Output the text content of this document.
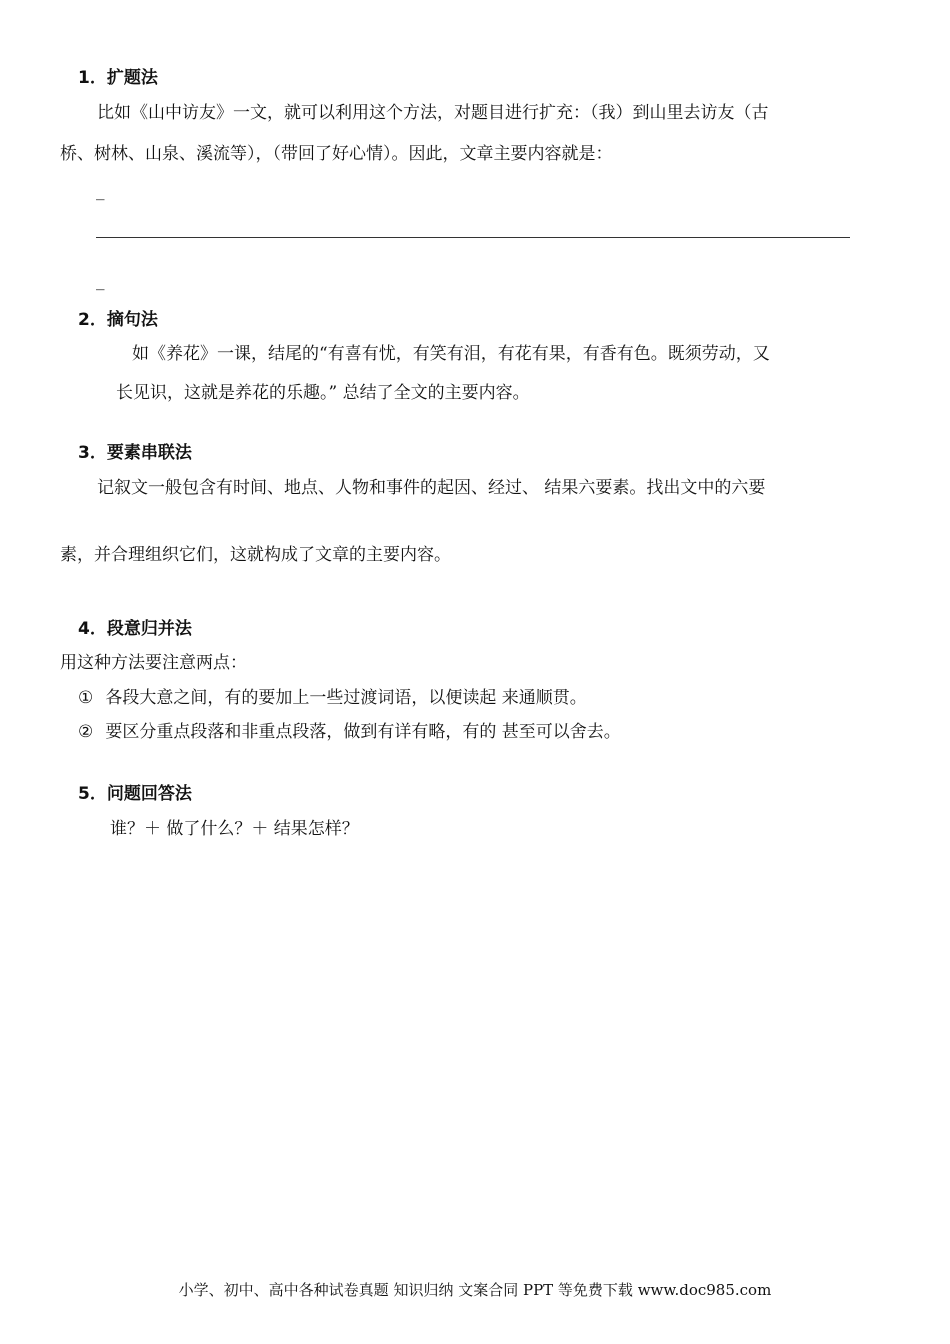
1．扩题法
比如《山中访友》一文，就可以利用这个方法，对题目进行扩充：（我）到山里去访友（古
桥、树林、山泉、溪流等），（带回了好心情）。因此，文章主要内容就是：
_
_
2．摘句法
如《养花》一课，结尾的“有喜有忧，有笑有泪，有花有果，有香有色。既须劳动，又
长见识，这就是养花的乐趣。” 总结了全文的主要内容。
3．要素串联法
记叙文一般包含有时间、地点、人物和事件的起因、经过、 结果六要素。找出文中的六要
素，并合理组织它们，这就构成了文章的主要内容。
4．段意归并法
用这种方法要注意两点：
① 各段大意之间，有的要加上一些过渡词语，以便读起 来通顺贯。
② 要区分重点段落和非重点段落，做到有详有略，有的 甚至可以舍去。
5．问题回答法
谁？＋ 做了什么？＋ 结果怎样？
小学、初中、高中各种试卷真题 知识归纳 文案合同 PPT 等免费下载 www.doc985.com
